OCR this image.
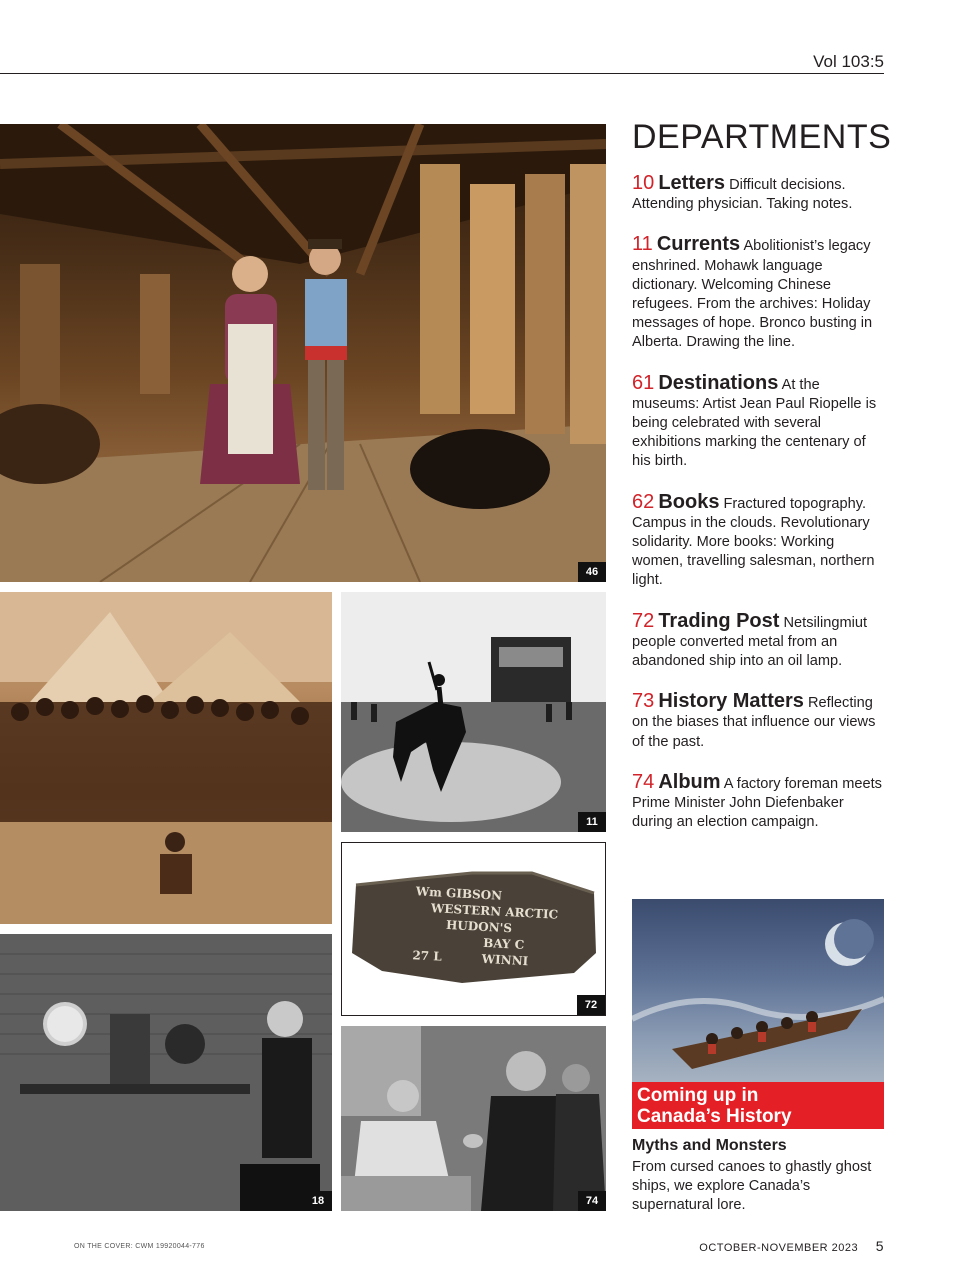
Vol 103:5
46
11
Wm GIBSON
WESTERN ARCTIC
HUDON'S
BAY C
27 L	WINNI
72
18	74
DEPARTMENTS

10 Letters Difficult decisions. Attending physician. Taking notes.

11 Currents Abolitionist’s legacy enshrined. Mohawk language dictionary. Welcoming Chinese refugees. From the archives: Holiday messages of hope. Bronco busting in Alberta. Drawing the line.

61 Destinations At the museums: Artist Jean Paul Riopelle is being celebrated with several exhibitions marking the centenary of his birth.

62 Books Fractured topography. Campus in the clouds. Revolutionary solidarity. More books: Working women, travelling salesman, northern light.

72 Trading Post Netsilingmiut people converted metal from an abandoned ship into an oil lamp.

73 History Matters Reflecting on the biases that influence our views of the past.

74 Album A factory foreman meets Prime Minister John Diefenbaker during an election campaign.

Coming up in
Canada’s History
Myths and Monsters
From cursed canoes to ghastly ghost ships, we explore Canada’s supernatural lore.
ON THE COVER: CWM 19920044-776	OCTOBER-NOVEMBER 2023 5
